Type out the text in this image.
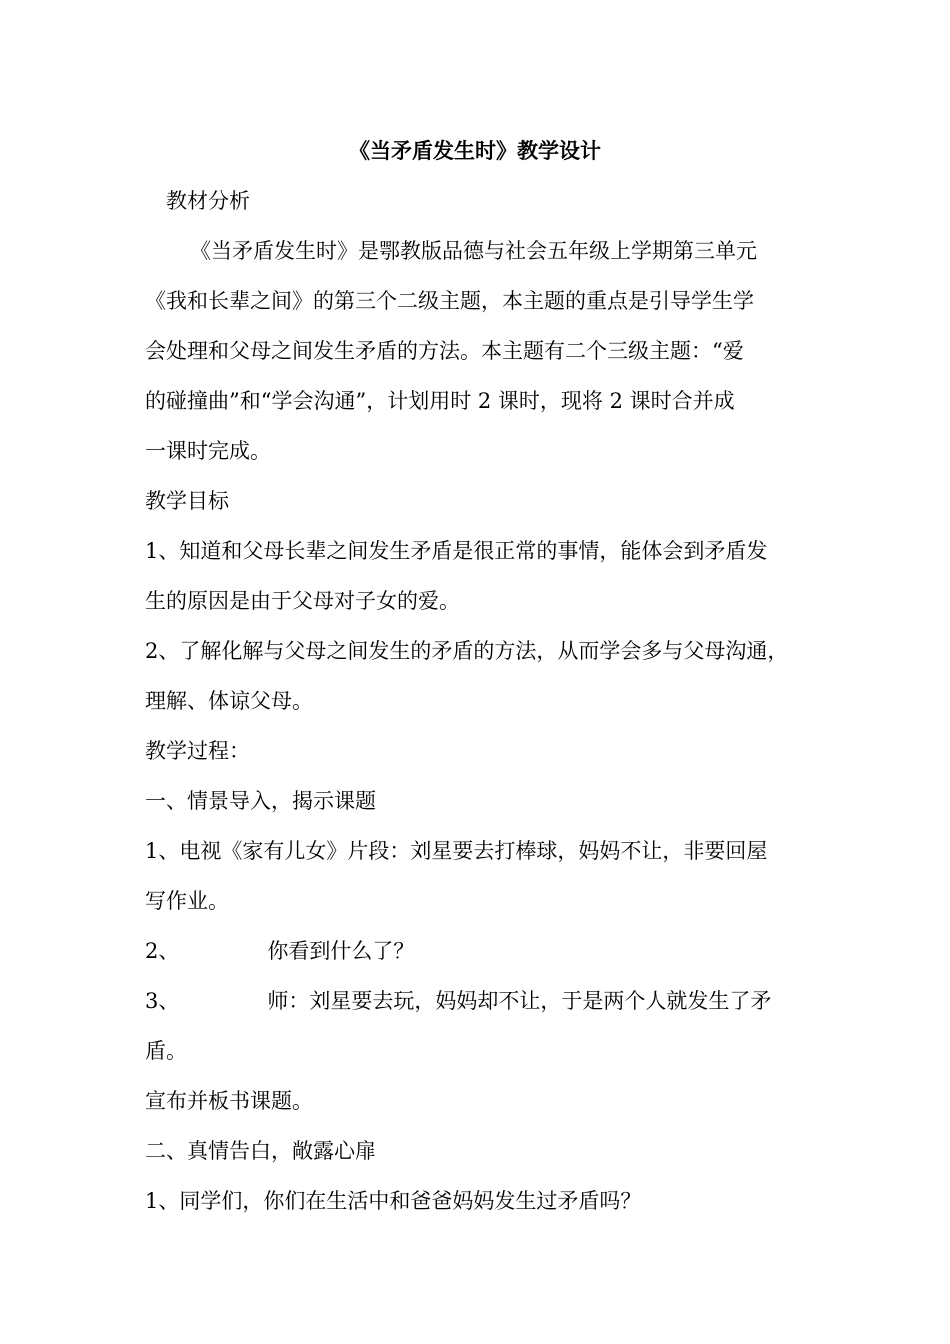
《当矛盾发生时》教学设计
教材分析
《当矛盾发生时》是鄂教版品德与社会五年级上学期第三单元
《我和长辈之间》的第三个二级主题，本主题的重点是引导学生学
会处理和父母之间发生矛盾的方法。本主题有二个三级主题：“爱
的碰撞曲”和“学会沟通”，计划用时 2 课时，现将 2 课时合并成
一课时完成。
教学目标
1、知道和父母长辈之间发生矛盾是很正常的事情，能体会到矛盾发
生的原因是由于父母对子女的爱。
2、了解化解与父母之间发生的矛盾的方法，从而学会多与父母沟通，
理解、体谅父母。
教学过程：
一、情景导入，揭示课题
1、电视《家有儿女》片段：刘星要去打棒球，妈妈不让，非要回屋
写作业。
2、	你看到什么了？
3、	师：刘星要去玩，妈妈却不让，于是两个人就发生了矛
盾。
宣布并板书课题。
二、真情告白，敞露心扉
1、同学们，你们在生活中和爸爸妈妈发生过矛盾吗？
